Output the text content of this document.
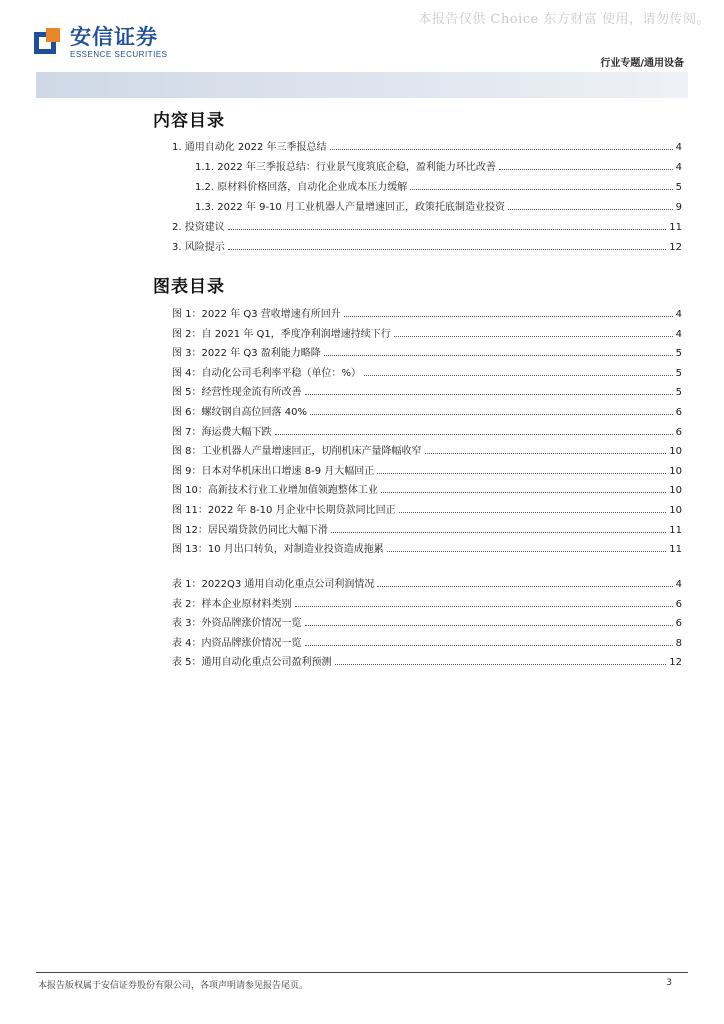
本报告仅供 Choice 东方财富 使用，请勿传阅。
安信证券
ESSENCE SECURITIES
行业专题/通用设备
内容目录
1. 通用自动化 2022 年三季报总结	4
1.1. 2022 年三季报总结：行业景气度筑底企稳，盈利能力环比改善	4
1.2. 原材料价格回落，自动化企业成本压力缓解	5
1.3. 2022 年 9-10 月工业机器人产量增速回正，政策托底制造业投资	9
2. 投资建议	11
3. 风险提示	12
图表目录
图 1：2022 年 Q3 营收增速有所回升	4
图 2：自 2021 年 Q1，季度净利润增速持续下行	4
图 3：2022 年 Q3 盈利能力略降	5
图 4：自动化公司毛利率平稳（单位：%）	5
图 5：经营性现金流有所改善	5
图 6：螺纹钢自高位回落 40%	6
图 7：海运费大幅下跌	6
图 8：工业机器人产量增速回正，切削机床产量降幅收窄	10
图 9：日本对华机床出口增速 8-9 月大幅回正	10
图 10：高新技术行业工业增加值领跑整体工业	10
图 11：2022 年 8-10 月企业中长期贷款同比回正	10
图 12：居民端贷款仍同比大幅下滑	11
图 13：10 月出口转负，对制造业投资造成拖累	11
表 1：2022Q3 通用自动化重点公司利润情况	4
表 2：样本企业原材料类别	6
表 3：外资品牌涨价情况一览	6
表 4：内资品牌涨价情况一览	8
表 5：通用自动化重点公司盈利预测	12
本报告版权属于安信证券股份有限公司，各项声明请参见报告尾页。	3
